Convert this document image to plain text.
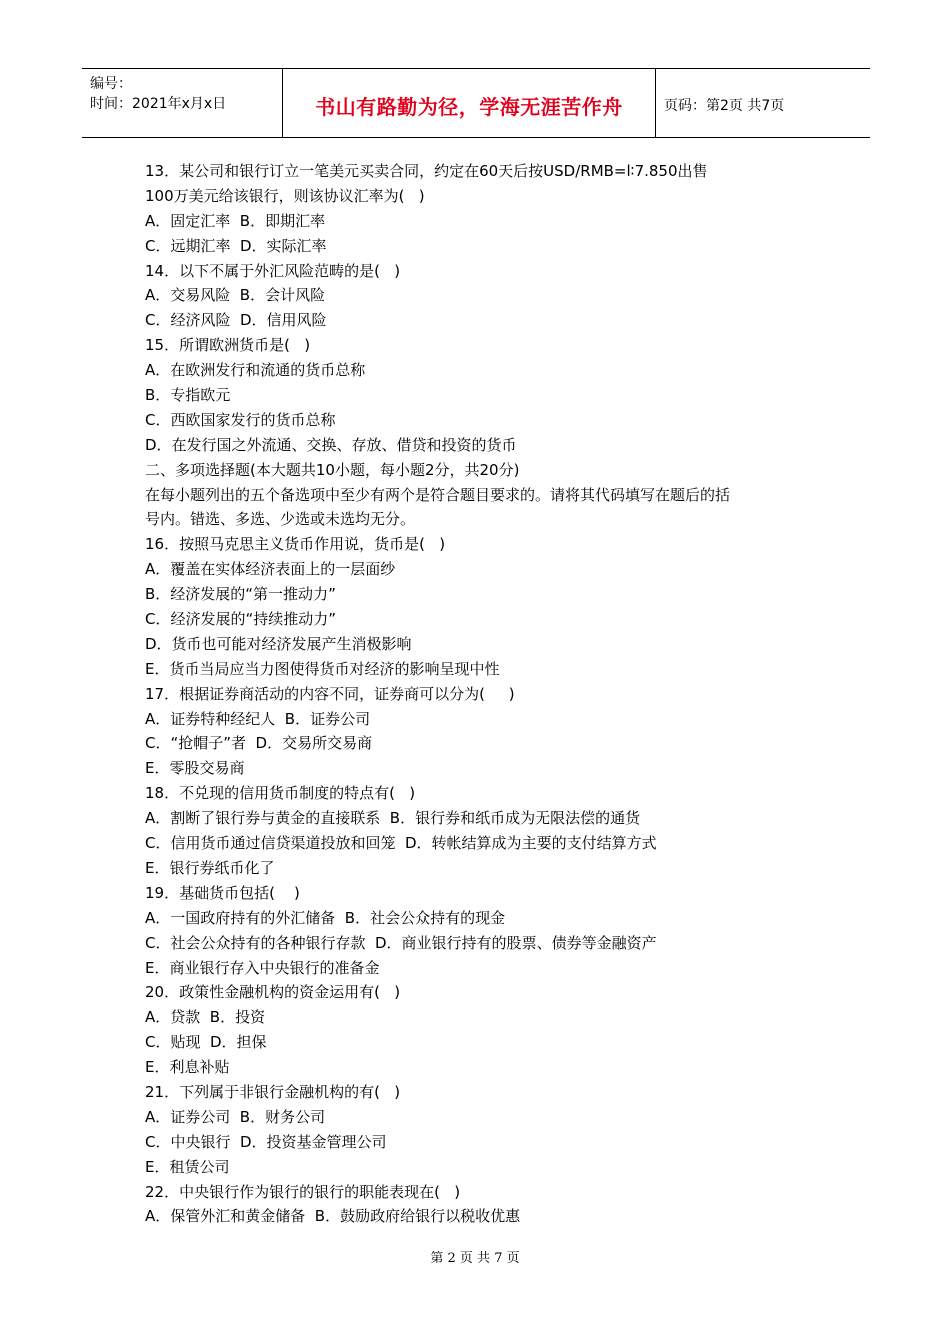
编号：
时间：2021年x月x日	书山有路勤为径，学海无涯苦作舟	页码：第2页 共7页
13．某公司和银行订立一笔美元买卖合同，约定在60天后按USD/RMB=l∶7.850出售
100万美元给该银行，则该协议汇率为(   )
A．固定汇率  B．即期汇率
C．远期汇率  D．实际汇率
14．以下不属于外汇风险范畴的是(   )
A．交易风险  B．会计风险
C．经济风险  D．信用风险
15．所谓欧洲货币是(   )
A．在欧洲发行和流通的货币总称
B．专指欧元
C．西欧国家发行的货币总称
D．在发行国之外流通、交换、存放、借贷和投资的货币
二、多项选择题(本大题共10小题，每小题2分，共20分)
在每小题列出的五个备选项中至少有两个是符合题目要求的。请将其代码填写在题后的括
号内。错选、多选、少选或未选均无分。
16．按照马克思主义货币作用说，货币是(   )
A．覆盖在实体经济表面上的一层面纱
B．经济发展的“第一推动力”
C．经济发展的“持续推动力”
D．货币也可能对经济发展产生消极影响
E．货币当局应当力图使得货币对经济的影响呈现中性
17．根据证券商活动的内容不同，证券商可以分为(     )
A．证券特种经纪人  B．证券公司
C．“抢帽子”者  D．交易所交易商
E．零股交易商
18．不兑现的信用货币制度的特点有(   )
A．割断了银行券与黄金的直接联系  B．银行券和纸币成为无限法偿的通货
C．信用货币通过信贷渠道投放和回笼  D．转帐结算成为主要的支付结算方式
E．银行券纸币化了
19．基础货币包括(    )
A．一国政府持有的外汇储备  B．社会公众持有的现金
C．社会公众持有的各种银行存款  D．商业银行持有的股票、债券等金融资产
E．商业银行存入中央银行的准备金
20．政策性金融机构的资金运用有(   )
A．贷款  B．投资
C．贴现  D．担保
E．利息补贴
21．下列属于非银行金融机构的有(   )
A．证券公司  B．财务公司
C．中央银行  D．投资基金管理公司
E．租赁公司
22．中央银行作为银行的银行的职能表现在(   )
A．保管外汇和黄金储备  B．鼓励政府给银行以税收优惠
第 2 页 共 7 页
